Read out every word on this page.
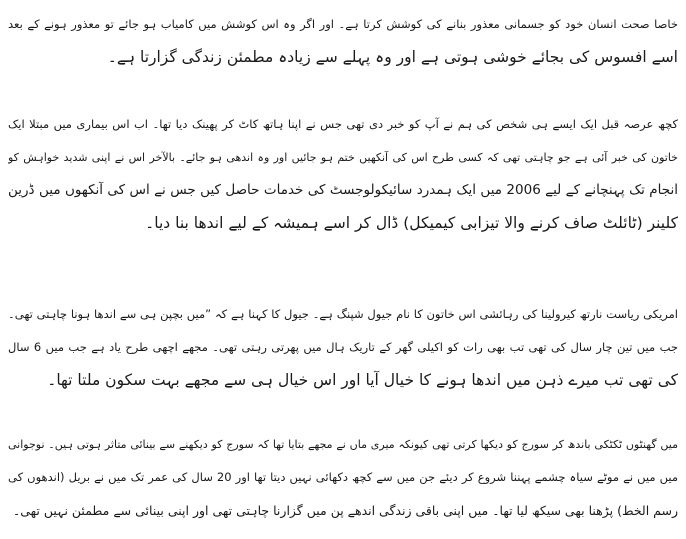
خاصا صحت انسان خود کو جسمانی معذور بنانے کی کوشش کرتا ہے۔ اور اگر وہ اس کوشش میں کامیاب ہو جائے تو معذور ہونے کے بعد
اسے افسوس کی بجائے خوشی ہوتی ہے اور وہ پہلے سے زیادہ مطمئن زندگی گزارتا ہے۔
کچھ عرصہ قبل ایک ایسے ہی شخص کی ہم نے آپ کو خبر دی تھی جس نے اپنا ہاتھ کاٹ کر پھینک دیا تھا۔ اب اس بیماری میں مبتلا ایک
خاتون کی خبر آئی ہے جو چاہتی تھی کہ کسی طرح اس کی آنکھیں ختم ہو جائیں اور وہ اندھی ہو جائے۔ بالآخر اس نے اپنی شدید خواہش کو
انجام تک پہنچانے کے لیے 2006 میں ایک ہمدرد سائیکولوجسٹ کی خدمات حاصل کیں جس نے اس کی آنکھوں میں ڈرین
کلینر (ٹائلٹ صاف کرنے والا تیزابی کیمیکل) ڈال کر اسے ہمیشہ کے لیے اندھا بنا دیا۔
امریکی ریاست نارتھ کیرولینا کی رہائشی اس خاتون کا نام جیول شپنگ ہے۔ جیول کا کہنا ہے کہ ”میں بچپن ہی سے اندھا ہونا چاہتی تھی۔
جب میں تین چار سال کی تھی تب بھی رات کو اکیلی گھر کے تاریک ہال میں پھرتی رہتی تھی۔ مجھے اچھی طرح یاد ہے جب میں 6 سال
کی تھی تب میرے ذہن میں اندھا ہونے کا خیال آیا اور اس خیال ہی سے مجھے بہت سکون ملتا تھا۔
میں گھنٹوں ٹکٹکی باندھ کر سورج کو دیکھا کرتی تھی کیونکہ میری ماں نے مجھے بتایا تھا کہ سورج کو دیکھنے سے بینائی متاثر ہوتی ہیں۔ نوجوانی
میں میں نے موٹے سیاہ چشمے پہننا شروع کر دیئے جن میں سے کچھ دکھائی نہیں دیتا تھا اور 20 سال کی عمر تک میں نے بریل (اندھوں کی
رسم الخط) پڑھنا بھی سیکھ لیا تھا۔ میں اپنی باقی زندگی اندھے پن میں گزارنا چاہتی تھی اور اپنی بینائی سے مطمئن نہیں تھی۔
